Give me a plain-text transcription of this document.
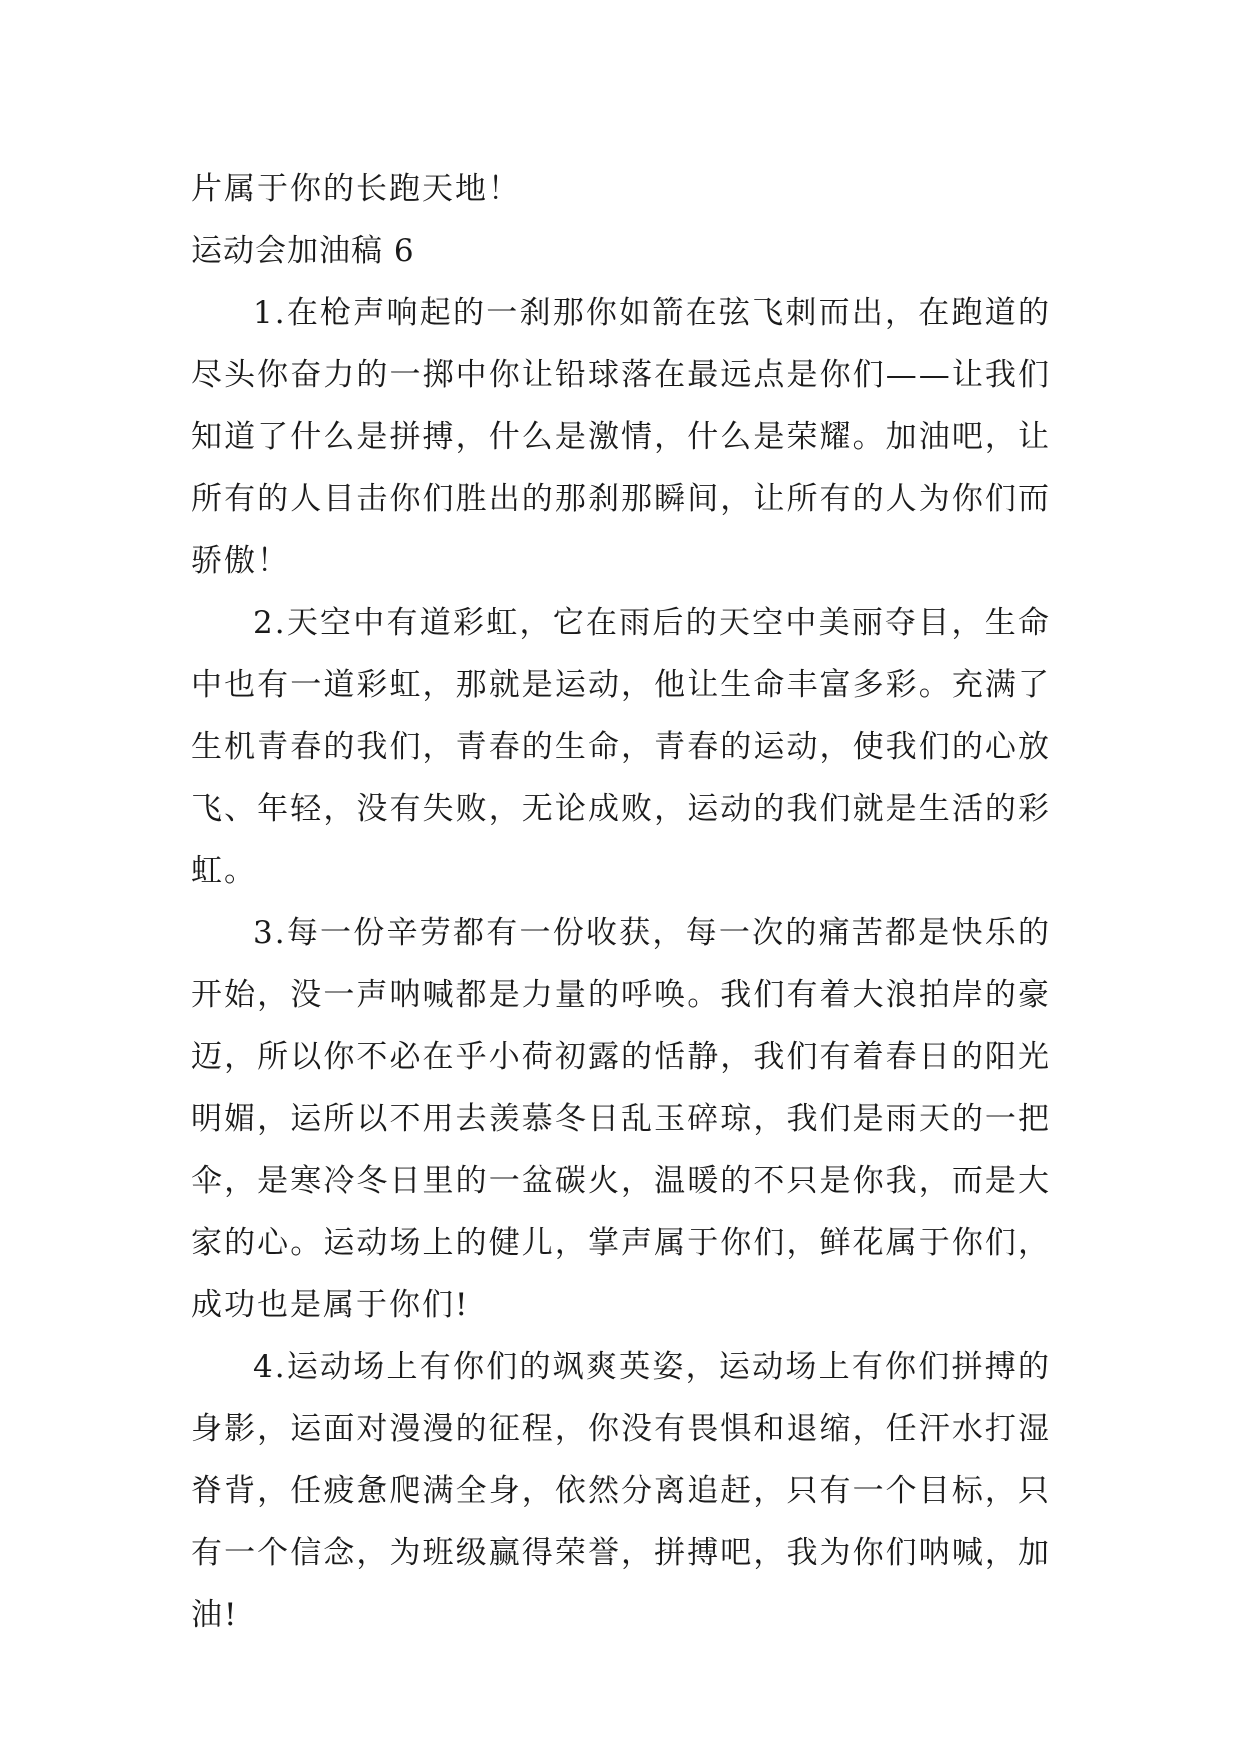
片属于你的长跑天地！

运动会加油稿 6

1.在枪声响起的一刹那你如箭在弦飞刺而出，在跑道的尽头你奋力的一掷中你让铅球落在最远点是你们——让我们知道了什么是拼搏，什么是激情，什么是荣耀。加油吧，让所有的人目击你们胜出的那刹那瞬间，让所有的人为你们而骄傲！

2.天空中有道彩虹，它在雨后的天空中美丽夺目，生命中也有一道彩虹，那就是运动，他让生命丰富多彩。充满了生机青春的我们，青春的生命，青春的运动，使我们的心放飞、年轻，没有失败，无论成败，运动的我们就是生活的彩虹。

3.每一份辛劳都有一份收获，每一次的痛苦都是快乐的开始，没一声呐喊都是力量的呼唤。我们有着大浪拍岸的豪迈，所以你不必在乎小荷初露的恬静，我们有着春日的阳光明媚，运所以不用去羡慕冬日乱玉碎琼，我们是雨天的一把伞，是寒冷冬日里的一盆碳火，温暖的不只是你我，而是大家的心。运动场上的健儿，掌声属于你们，鲜花属于你们，成功也是属于你们!

4.运动场上有你们的飒爽英姿，运动场上有你们拼搏的身影，运面对漫漫的征程，你没有畏惧和退缩，任汗水打湿脊背，任疲惫爬满全身，依然分离追赶，只有一个目标，只有一个信念，为班级赢得荣誉，拼搏吧，我为你们呐喊，加油!
